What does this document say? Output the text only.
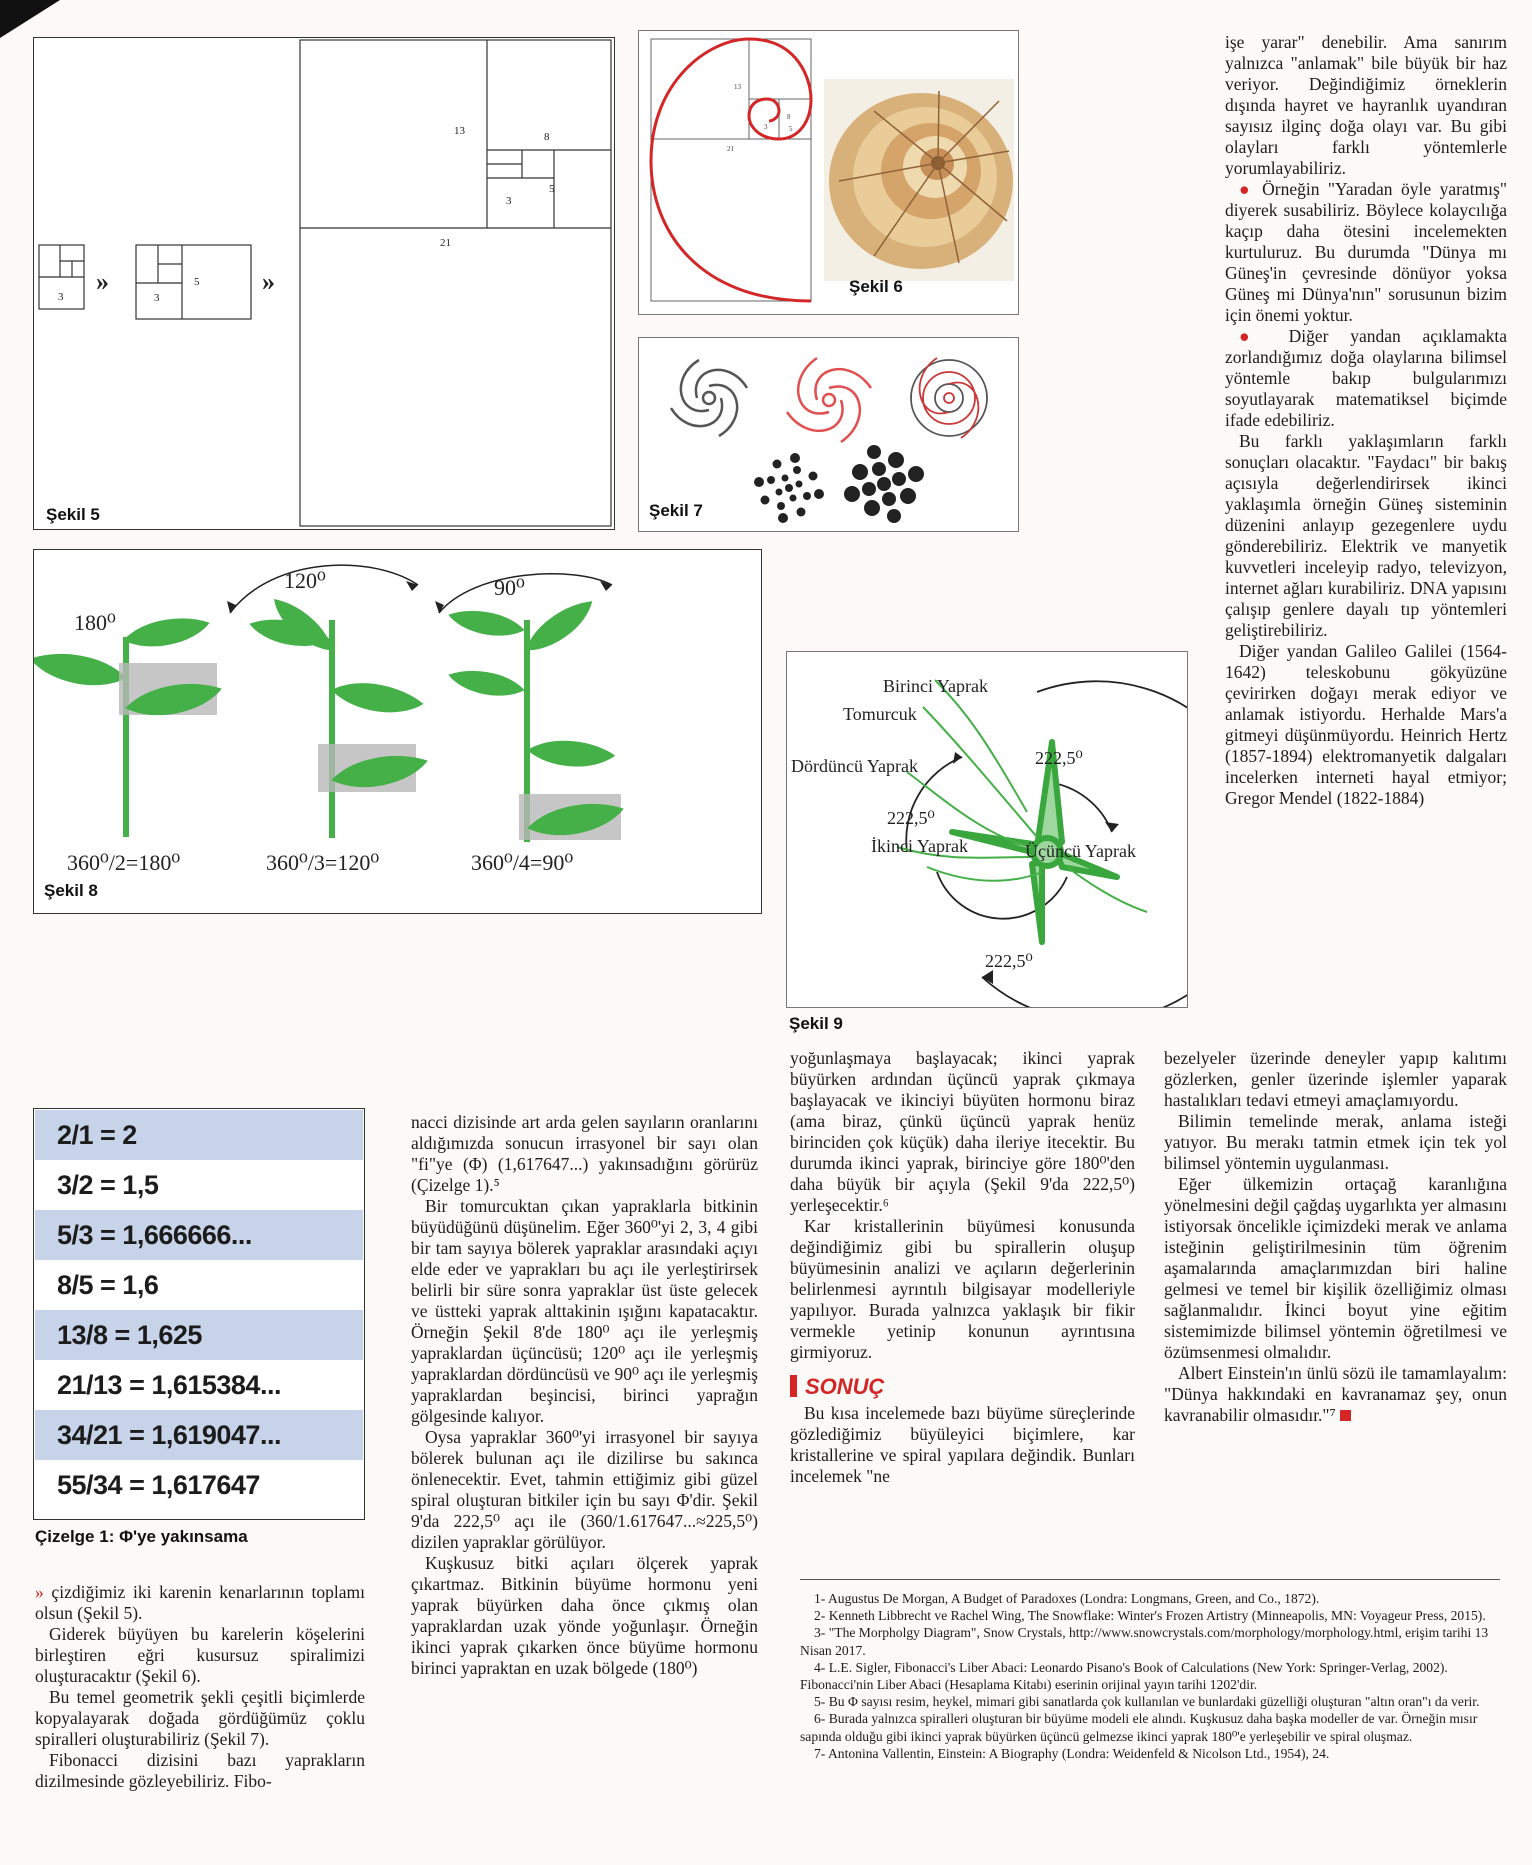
3	3
5
13	8
5
3
21
»	»
Şekil 5
13
8
5
3
21
Şekil 6
Şekil 7
180⁰
120⁰	90⁰
360⁰/2=180⁰	360⁰/3=120⁰	360⁰/4=90⁰
Şekil 8
Birinci Yaprak
Tomurcuk
Dördüncü Yaprak
İkinci Yaprak	Üçüncü Yaprak
222,5⁰
222,5⁰
222,5⁰
Şekil 9
2/1 = 2
3/2 = 1,5
5/3 = 1,666666...
8/5 = 1,6
13/8 = 1,625
21/13 = 1,615384...
34/21 = 1,619047...
55/34 = 1,617647
Çizelge 1: Φ'ye yakınsama

» çizdiğimiz iki karenin kenarlarının toplamı olsun (Şekil 5).

Giderek büyüyen bu karelerin köşelerini birleştiren eğri kusursuz spiralimizi oluşturacaktır (Şekil 6).

Bu temel geometrik şekli çeşitli biçimlerde kopyalayarak doğada gördüğümüz çoklu spiralleri oluşturabiliriz (Şekil 7).

Fibonacci dizisini bazı yaprakların dizilmesinde gözleyebiliriz. Fibo-

nacci dizisinde art arda gelen sayıların oranlarını aldığımızda sonucun irrasyonel bir sayı olan "fi"ye (Φ) (1,617647...) yakınsadığını görürüz (Çizelge 1).⁵

Bir tomurcuktan çıkan yapraklarla bitkinin büyüdüğünü düşünelim. Eğer 360⁰'yi 2, 3, 4 gibi bir tam sayıya bölerek yapraklar arasındaki açıyı elde eder ve yaprakları bu açı ile yerleştirirsek belirli bir süre sonra yapraklar üst üste gelecek ve üstteki yaprak alttakinin ışığını kapatacaktır. Örneğin Şekil 8'de 180⁰ açı ile yerleşmiş yapraklardan üçüncüsü; 120⁰ açı ile yerleşmiş yapraklardan dördüncüsü ve 90⁰ açı ile yerleşmiş yapraklardan beşincisi, birinci yaprağın gölgesinde kalıyor.

Oysa yapraklar 360⁰'yi irrasyonel bir sayıya bölerek bulunan açı ile dizilirse bu sakınca önlenecektir. Evet, tahmin ettiğimiz gibi güzel spiral oluşturan bitkiler için bu sayı Φ'dir. Şekil 9'da 222,5⁰ açı ile (360/1.617647...≈225,5⁰) dizilen yapraklar görülüyor.

Kuşkusuz bitki açıları ölçerek yaprak çıkartmaz. Bitkinin büyüme hormonu yeni yaprak büyürken daha önce çıkmış olan yapraklardan uzak yönde yoğunlaşır. Örneğin ikinci yaprak çıkarken önce büyüme hormonu birinci yapraktan en uzak bölgede (180⁰)

yoğunlaşmaya başlayacak; ikinci yaprak büyürken ardından üçüncü yaprak çıkmaya başlayacak ve ikinciyi büyüten hormonu biraz (ama biraz, çünkü üçüncü yaprak henüz birinciden çok küçük) daha ileriye itecektir. Bu durumda ikinci yaprak, birinciye göre 180⁰'den daha büyük bir açıyla (Şekil 9'da 222,5⁰) yerleşecektir.⁶

Kar kristallerinin büyümesi konusunda değindiğimiz gibi bu spirallerin oluşup büyümesinin analizi ve açıların değerlerinin belirlenmesi ayrıntılı bilgisayar modelleriyle yapılıyor. Burada yalnızca yaklaşık bir fikir vermekle yetinip konunun ayrıntısına girmiyoruz.

SONUÇ

Bu kısa incelemede bazı büyüme süreçlerinde gözlediğimiz büyüleyici biçimlere, kar kristallerine ve spiral yapılara değindik. Bunları incelemek "ne

işe yarar" denebilir. Ama sanırım yalnızca "anlamak" bile büyük bir haz veriyor. Değindiğimiz örneklerin dışında hayret ve hayranlık uyandıran sayısız ilginç doğa olayı var. Bu gibi olayları farklı yöntemlerle yorumlayabiliriz.

● Örneğin "Yaradan öyle yaratmış" diyerek susabiliriz. Böylece kolaycılığa kaçıp daha ötesini incelemekten kurtuluruz. Bu durumda "Dünya mı Güneş'in çevresinde dönüyor yoksa Güneş mi Dünya'nın" sorusunun bizim için önemi yoktur.

● Diğer yandan açıklamakta zorlandığımız doğa olaylarına bilimsel yöntemle bakıp bulgularımızı soyutlayarak matematiksel biçimde ifade edebiliriz.

Bu farklı yaklaşımların farklı sonuçları olacaktır. "Faydacı" bir bakış açısıyla değerlendirirsek ikinci yaklaşımla örneğin Güneş sisteminin düzenini anlayıp gezegenlere uydu gönderebiliriz. Elektrik ve manyetik kuvvetleri inceleyip radyo, televizyon, internet ağları kurabiliriz. DNA yapısını çalışıp genlere dayalı tıp yöntemleri geliştirebiliriz.

Diğer yandan Galileo Galilei (1564-1642) teleskobunu gökyüzüne çevirirken doğayı merak ediyor ve anlamak istiyordu. Herhalde Mars'a gitmeyi düşünmüyordu. Heinrich Hertz (1857-1894) elektromanyetik dalgaları incelerken interneti hayal etmiyor; Gregor Mendel (1822-1884)

bezelyeler üzerinde deneyler yapıp kalıtımı gözlerken, genler üzerinde işlemler yaparak hastalıkları tedavi etmeyi amaçlamıyordu.

Bilimin temelinde merak, anlama isteği yatıyor. Bu merakı tatmin etmek için tek yol bilimsel yöntemin uygulanması.

Eğer ülkemizin ortaçağ karanlığına yönelmesini değil çağdaş uygarlıkta yer almasını istiyorsak öncelikle içimizdeki merak ve anlama isteğinin geliştirilmesinin tüm öğrenim aşamalarında amaçlarımızdan biri haline gelmesi ve temel bir kişilik özelliğimiz olması sağlanmalıdır. İkinci boyut yine eğitim sistemimizde bilimsel yöntemin öğretilmesi ve özümsenmesi olmalıdır.

Albert Einstein'ın ünlü sözü ile tamamlayalım: "Dünya hakkındaki en kavranamaz şey, onun kavranabilir olmasıdır."⁷

1- Augustus De Morgan, A Budget of Paradoxes (Londra: Longmans, Green, and Co., 1872).

2- Kenneth Libbrecht ve Rachel Wing, The Snowflake: Winter's Frozen Artistry (Minneapolis, MN: Voyageur Press, 2015).

3- "The Morpholgy Diagram", Snow Crystals, http://www.snowcrystals.com/morphology/morphology.html, erişim tarihi 13 Nisan 2017.

4- L.E. Sigler, Fibonacci's Liber Abaci: Leonardo Pisano's Book of Calculations (New York: Springer-Verlag, 2002). Fibonacci'nin Liber Abaci (Hesaplama Kitabı) eserinin orijinal yayın tarihi 1202'dir.

5- Bu Φ sayısı resim, heykel, mimari gibi sanatlarda çok kullanılan ve bunlardaki güzelliği oluşturan "altın oran"ı da verir.

6- Burada yalnızca spiralleri oluşturan bir büyüme modeli ele alındı. Kuşkusuz daha başka modeller de var. Örneğin mısır sapında olduğu gibi ikinci yaprak büyürken üçüncü gelmezse ikinci yaprak 180⁰'e yerleşebilir ve spiral oluşmaz.

7- Antonina Vallentin, Einstein: A Biography (Londra: Weidenfeld & Nicolson Ltd., 1954), 24.
